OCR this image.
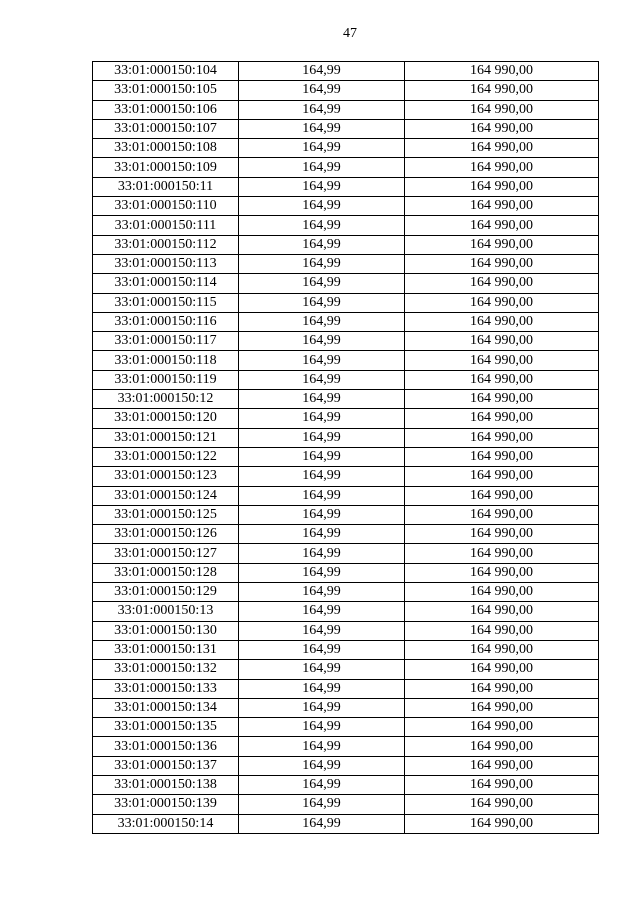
47
33:01:000150:104	164,99	164 990,00
33:01:000150:105	164,99	164 990,00
33:01:000150:106	164,99	164 990,00
33:01:000150:107	164,99	164 990,00
33:01:000150:108	164,99	164 990,00
33:01:000150:109	164,99	164 990,00
33:01:000150:11	164,99	164 990,00
33:01:000150:110	164,99	164 990,00
33:01:000150:111	164,99	164 990,00
33:01:000150:112	164,99	164 990,00
33:01:000150:113	164,99	164 990,00
33:01:000150:114	164,99	164 990,00
33:01:000150:115	164,99	164 990,00
33:01:000150:116	164,99	164 990,00
33:01:000150:117	164,99	164 990,00
33:01:000150:118	164,99	164 990,00
33:01:000150:119	164,99	164 990,00
33:01:000150:12	164,99	164 990,00
33:01:000150:120	164,99	164 990,00
33:01:000150:121	164,99	164 990,00
33:01:000150:122	164,99	164 990,00
33:01:000150:123	164,99	164 990,00
33:01:000150:124	164,99	164 990,00
33:01:000150:125	164,99	164 990,00
33:01:000150:126	164,99	164 990,00
33:01:000150:127	164,99	164 990,00
33:01:000150:128	164,99	164 990,00
33:01:000150:129	164,99	164 990,00
33:01:000150:13	164,99	164 990,00
33:01:000150:130	164,99	164 990,00
33:01:000150:131	164,99	164 990,00
33:01:000150:132	164,99	164 990,00
33:01:000150:133	164,99	164 990,00
33:01:000150:134	164,99	164 990,00
33:01:000150:135	164,99	164 990,00
33:01:000150:136	164,99	164 990,00
33:01:000150:137	164,99	164 990,00
33:01:000150:138	164,99	164 990,00
33:01:000150:139	164,99	164 990,00
33:01:000150:14	164,99	164 990,00
